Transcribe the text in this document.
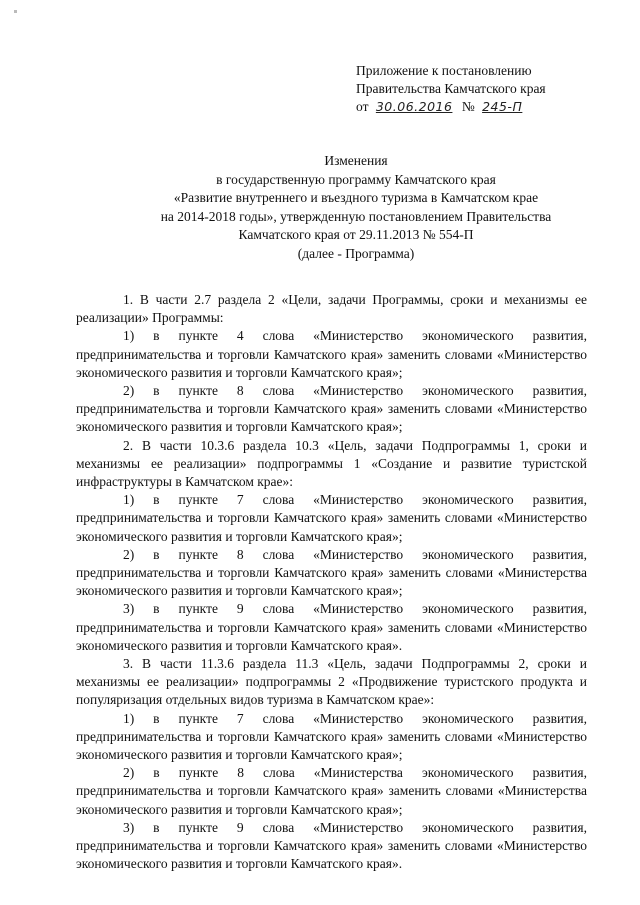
Приложение к постановлению
Правительства Камчатского края
от 30.06.2016 № 245-П
Изменения
в государственную программу Камчатского края
«Развитие внутреннего и въездного туризма в Камчатском крае
на 2014-2018 годы», утвержденную постановлением Правительства
Камчатского края от 29.11.2013 № 554-П
(далее - Программа)
1. В части 2.7 раздела 2 «Цели, задачи Программы, сроки и механизмы ее реализации» Программы:
1) в пункте 4 слова «Министерство экономического развития, предпринимательства и торговли Камчатского края» заменить словами «Министерство экономического развития и торговли Камчатского края»;
2) в пункте 8 слова «Министерство экономического развития, предпринимательства и торговли Камчатского края» заменить словами «Министерство экономического развития и торговли Камчатского края»;
2. В части 10.3.6 раздела 10.3 «Цель, задачи Подпрограммы 1, сроки и механизмы ее реализации» подпрограммы 1 «Создание и развитие туристской инфраструктуры в Камчатском крае»:
1) в пункте 7 слова «Министерство экономического развития, предпринимательства и торговли Камчатского края» заменить словами «Министерство экономического развития и торговли Камчатского края»;
2) в пункте 8 слова «Министерство экономического развития, предпринимательства и торговли Камчатского края» заменить словами «Министерства экономического развития и торговли Камчатского края»;
3) в пункте 9 слова «Министерство экономического развития, предпринимательства и торговли Камчатского края» заменить словами «Министерство экономического развития и торговли Камчатского края».
3. В части 11.3.6 раздела 11.3 «Цель, задачи Подпрограммы 2, сроки и механизмы ее реализации» подпрограммы 2 «Продвижение туристского продукта и популяризация отдельных видов туризма в Камчатском крае»:
1) в пункте 7 слова «Министерство экономического развития, предпринимательства и торговли Камчатского края» заменить словами «Министерство экономического развития и торговли Камчатского края»;
2) в пункте 8 слова «Министерства экономического развития, предпринимательства и торговли Камчатского края» заменить словами «Министерства экономического развития и торговли Камчатского края»;
3) в пункте 9 слова «Министерство экономического развития, предпринимательства и торговли Камчатского края» заменить словами «Министерство экономического развития и торговли Камчатского края».
